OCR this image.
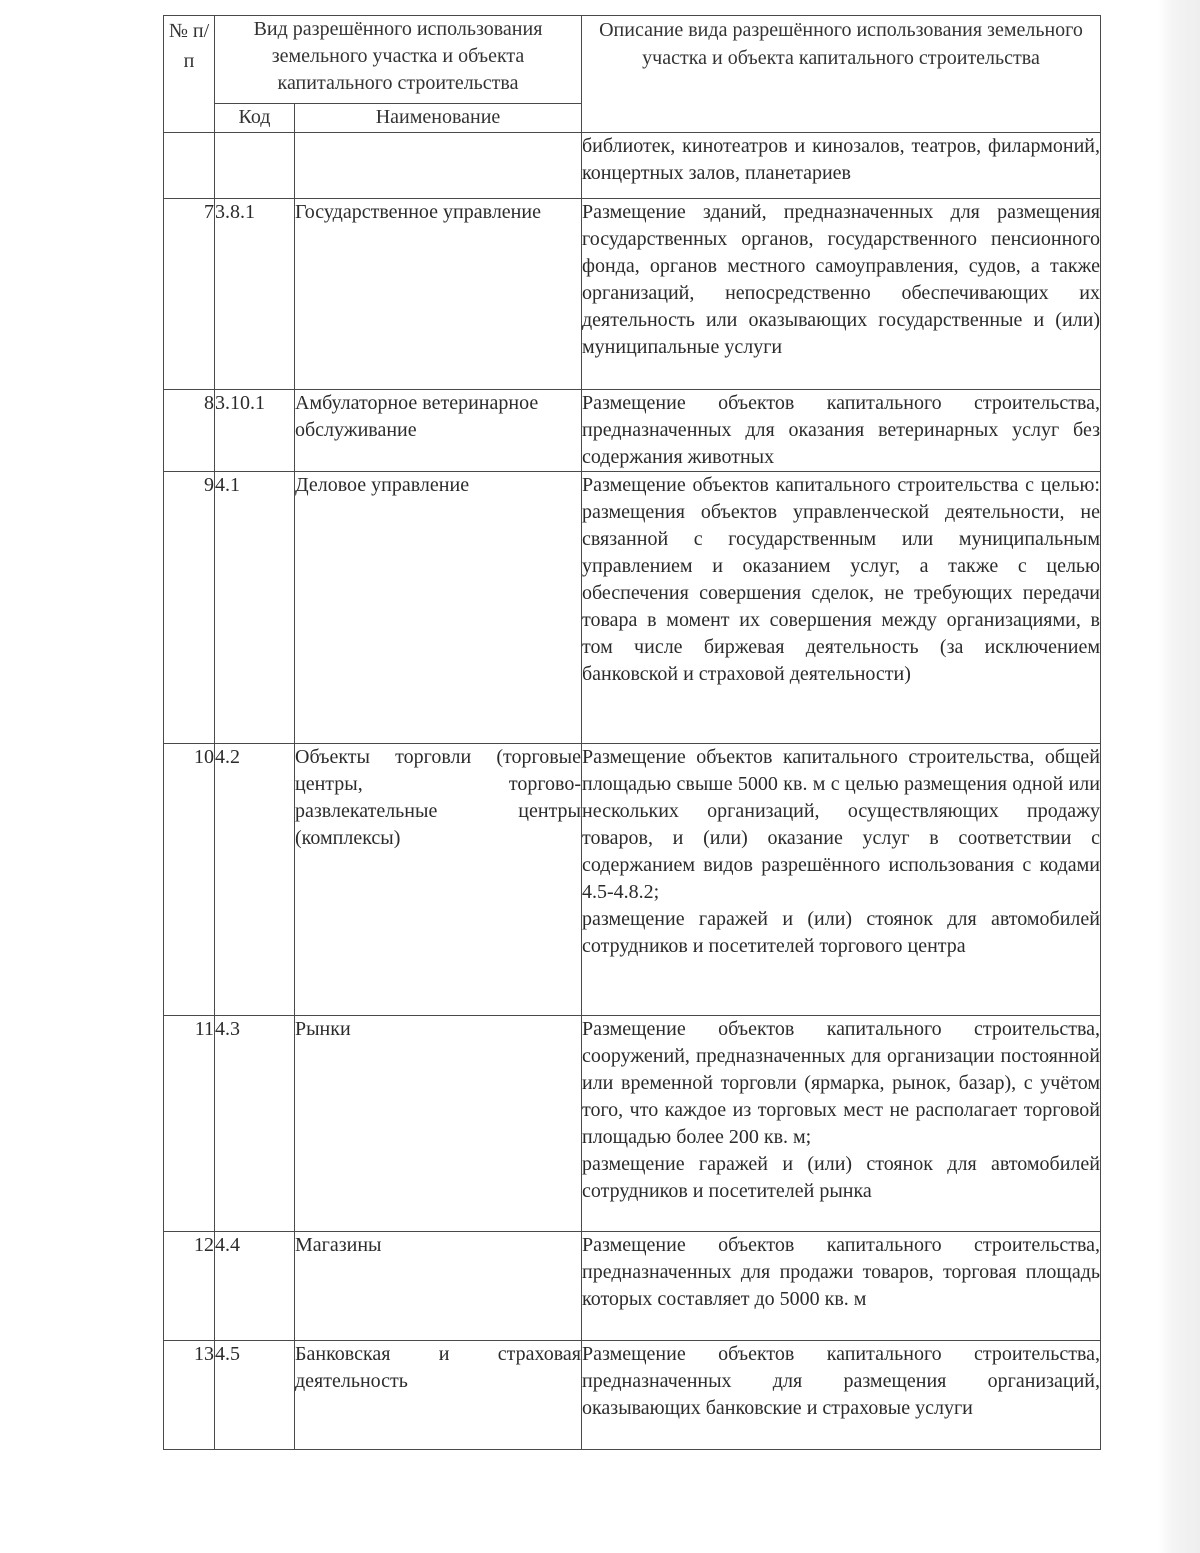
№ п/п	Вид разрешённого использования земельного участка и объекта капитального строительства		Описание вида разрешённого использования земельного участка и объекта капитального строительства
	Код	Наименование	
			библиотек, кинотеатров и кинозалов, театров, филармоний, концертных залов, планетариев
7	3.8.1	Государственное управление	Размещение зданий, предназначенных для размещения государственных органов, государственного пенсионного фонда, органов местного самоуправления, судов, а также организаций, непосредственно обеспечивающих их деятельность или оказывающих государственные и (или) муниципальные услуги
8	3.10.1	Амбулаторное ветеринарное обслуживание	Размещение объектов капитального строительства, предназначенных для оказания ветеринарных услуг без содержания животных
9	4.1	Деловое управление	Размещение объектов капитального строительства с целью: размещения объектов управленческой деятельности, не связанной с государственным или муниципальным управлением и оказанием услуг, а также с целью обеспечения совершения сделок, не требующих передачи товара в момент их совершения между организациями, в том числе биржевая деятельность (за исключением банковской и страховой деятельности)
10	4.2	Объекты торговли (торговые центры, торгово-развлекательные центры (комплексы)	Размещение объектов капитального строительства, общей площадью свыше 5000 кв. м с целью размещения одной или нескольких организаций, осуществляющих продажу товаров, и (или) оказание услуг в соответствии с содержанием видов разрешённого использования с кодами 4.5-4.8.2;
размещение гаражей и (или) стоянок для автомобилей сотрудников и посетителей торгового центра

11	4.3	Рынки	Размещение объектов капитального строительства, сооружений, предназначенных для организации постоянной или временной торговли (ярмарка, рынок, базар), с учётом того, что каждое из торговых мест не располагает торговой площадью более 200 кв. м;
размещение гаражей и (или) стоянок для автомобилей сотрудников и посетителей рынка

12	4.4	Магазины	Размещение объектов капитального строительства, предназначенных для продажи товаров, торговая площадь которых составляет до 5000 кв. м
13	4.5	Банковская и страховая деятельность	Размещение объектов капитального строительства, предназначенных для размещения организаций, оказывающих банковские и страховые услуги
